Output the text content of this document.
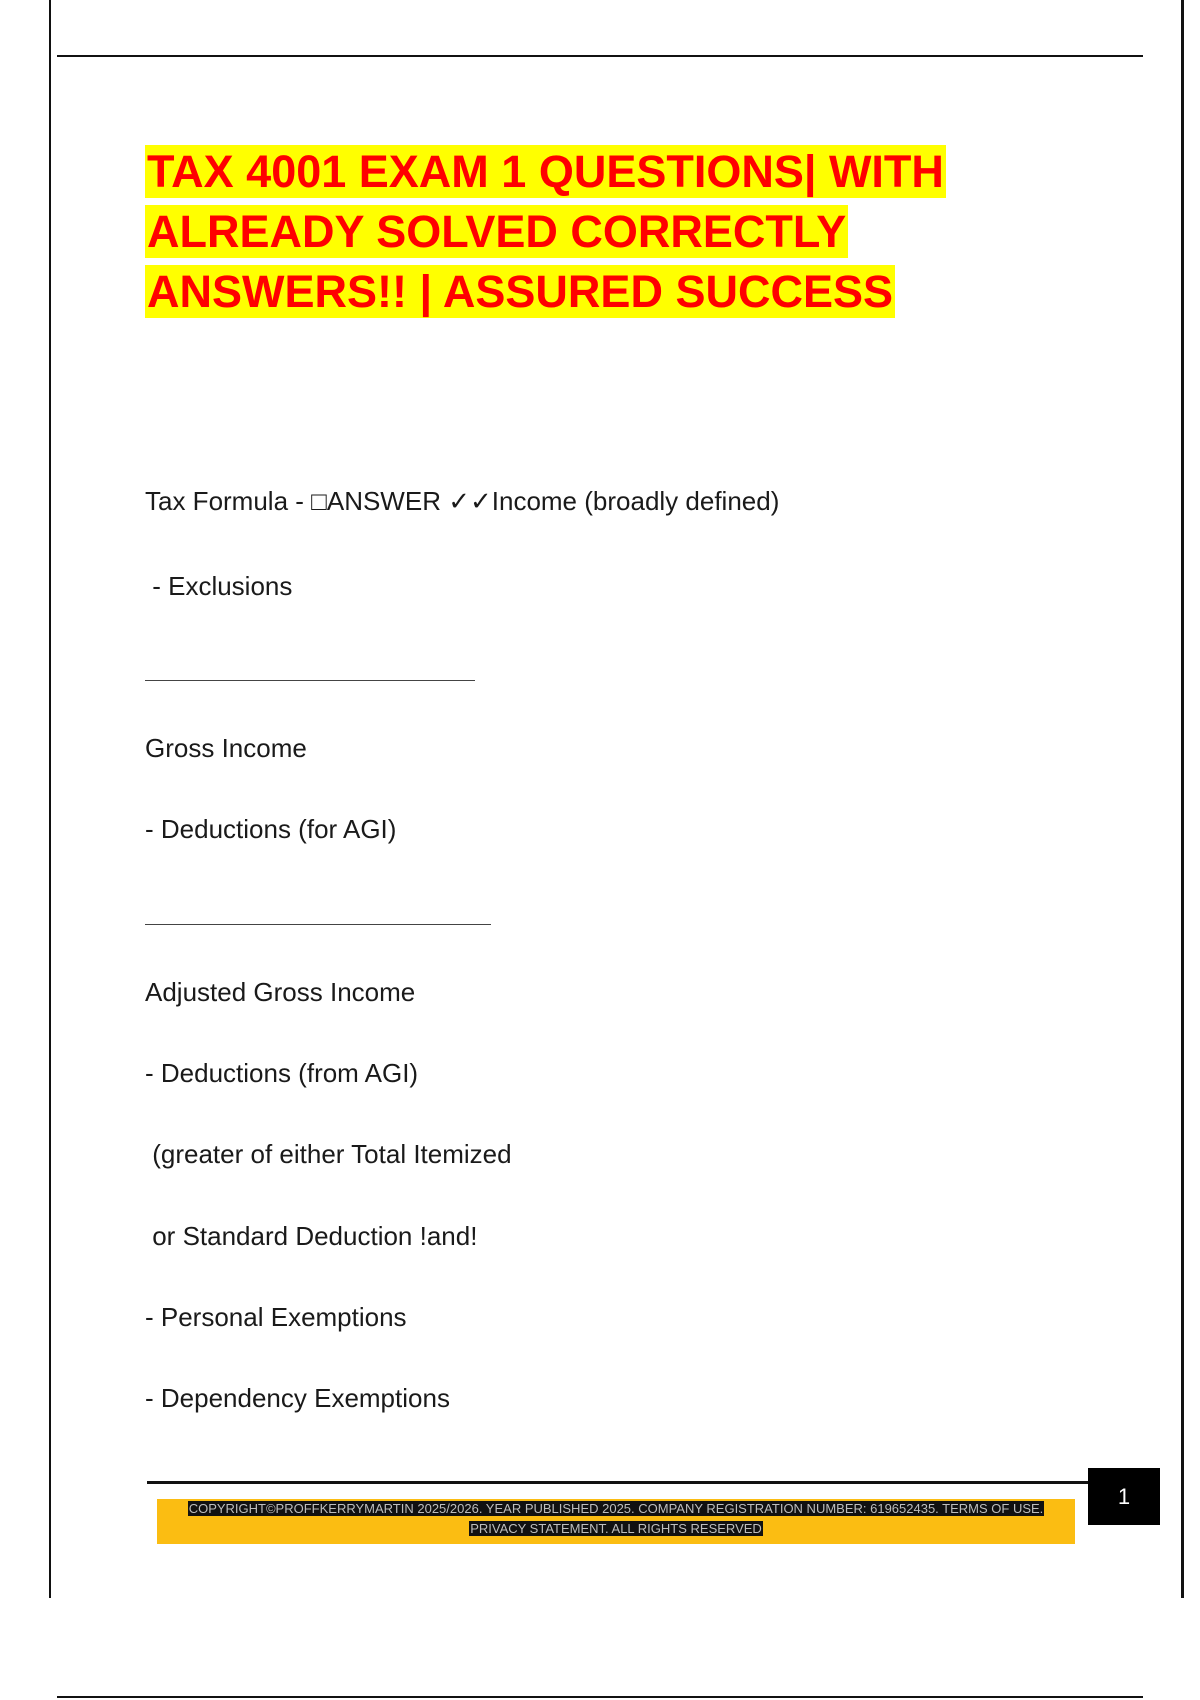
TAX 4001 EXAM 1 QUESTIONS| WITH ALREADY SOLVED CORRECTLY ANSWERS!! | ASSURED SUCCESS

Tax Formula - □ANSWER ✓✓Income (broadly defined)

- Exclusions

Gross Income

- Deductions (for AGI)

Adjusted Gross Income

- Deductions (from AGI)

(greater of either Total Itemized

or Standard Deduction !and!

- Personal Exemptions

- Dependency Exemptions

1
COPYRIGHT©PROFFKERRYMARTIN 2025/2026. YEAR PUBLISHED 2025. COMPANY REGISTRATION NUMBER: 619652435. TERMS OF USE.
PRIVACY STATEMENT. ALL RIGHTS RESERVED
